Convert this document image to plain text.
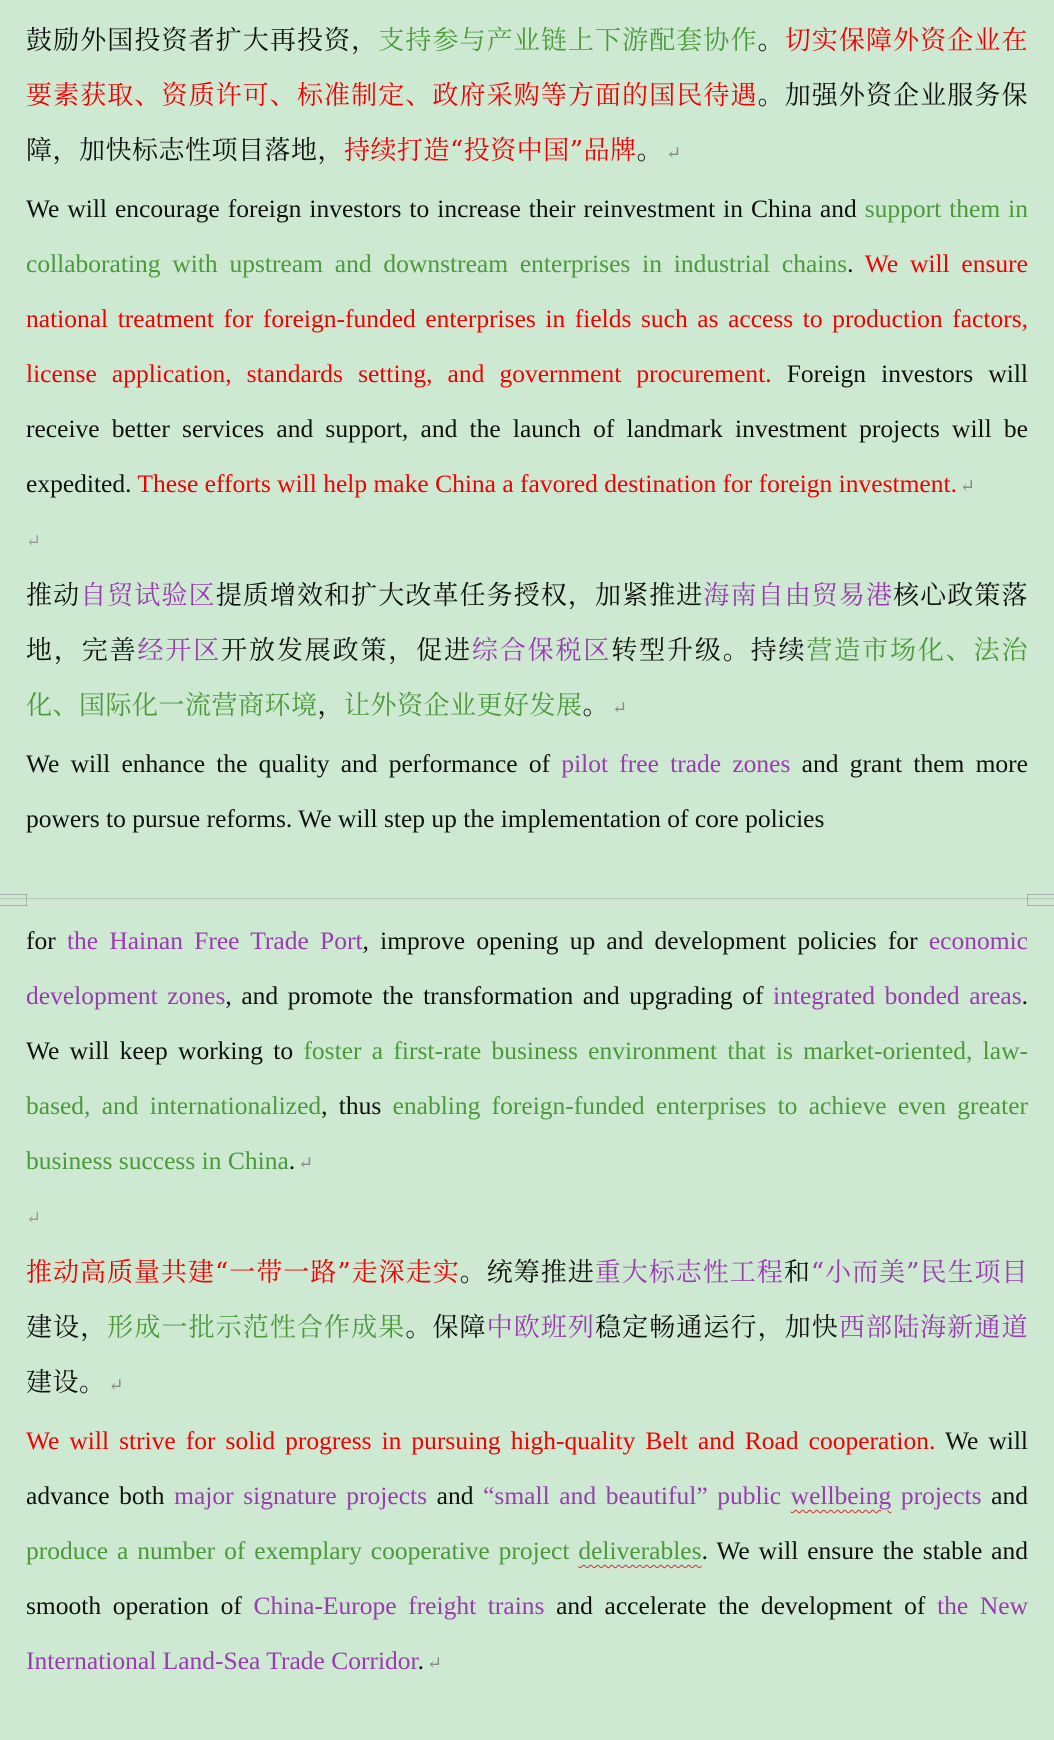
鼓励外国投资者扩大再投资，支持参与产业链上下游配套协作。切实保障外资企业在要素获取、资质许可、标准制定、政府采购等方面的国民待遇。加强外资企业服务保障，加快标志性项目落地，持续打造“投资中国”品牌。 ↵

We will encourage foreign investors to increase their reinvestment in China and support them in collaborating with upstream and downstream enterprises in industrial chains. We will ensure national treatment for foreign-funded enterprises in fields such as access to production factors, license application, standards setting, and government procurement. Foreign investors will receive better services and support, and the launch of landmark investment projects will be expedited. These efforts will help make China a favored destination for foreign investment. ↵

↵

推动自贸试验区提质增效和扩大改革任务授权，加紧推进海南自由贸易港核心政策落地，完善经开区开放发展政策，促进综合保税区转型升级。持续营造市场化、法治化、国际化一流营商环境，让外资企业更好发展。 ↵

We will enhance the quality and performance of pilot free trade zones and grant them more powers to pursue reforms. We will step up the implementation of core policies

for the Hainan Free Trade Port, improve opening up and development policies for economic development zones, and promote the transformation and upgrading of integrated bonded areas. We will keep working to foster a first-rate business environment that is market-oriented, law-based, and internationalized, thus enabling foreign-funded enterprises to achieve even greater business success in China. ↵

↵

推动高质量共建“一带一路”走深走实。统筹推进重大标志性工程和“小而美”民生项目建设，形成一批示范性合作成果。保障中欧班列稳定畅通运行，加快西部陆海新通道建设。 ↵

We will strive for solid progress in pursuing high-quality Belt and Road cooperation. We will advance both major signature projects and “small and beautiful” public wellbeing projects and produce a number of exemplary cooperative project deliverables. We will ensure the stable and smooth operation of China-Europe freight trains and accelerate the development of the New International Land-Sea Trade Corridor. ↵
